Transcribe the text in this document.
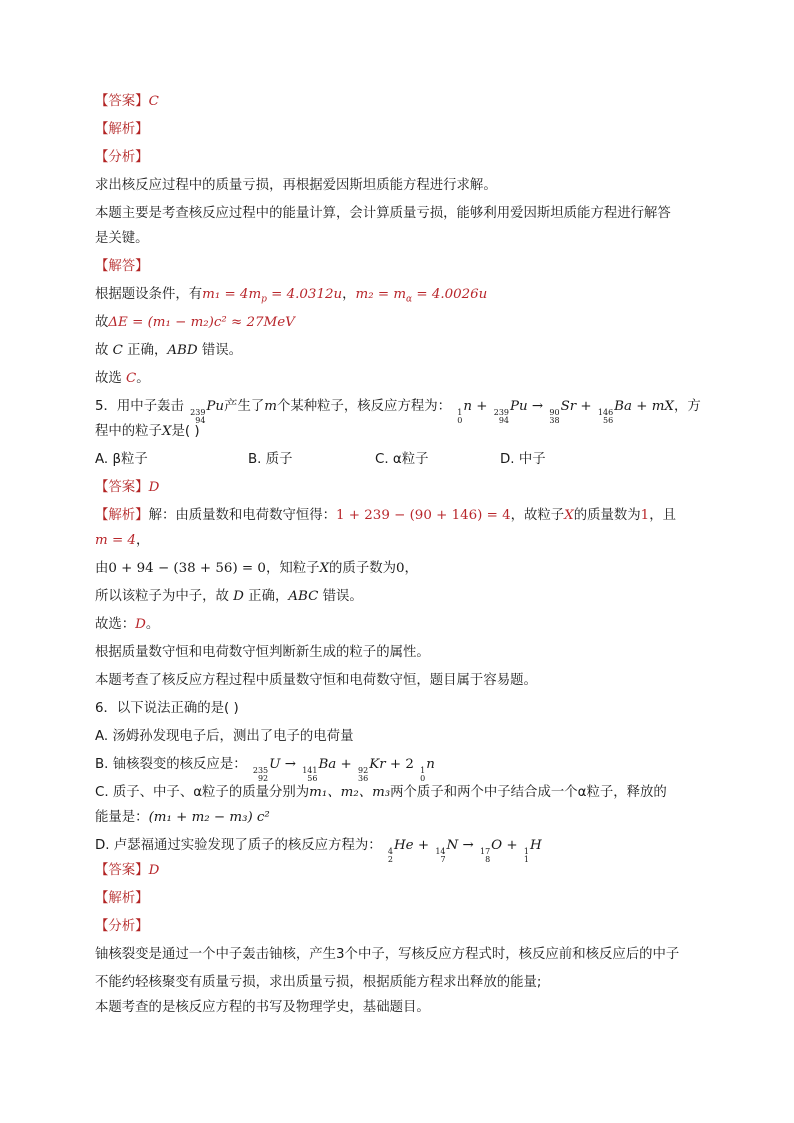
【答案】C
【解析】
【分析】
求出核反应过程中的质量亏损，再根据爱因斯坦质能方程进行求解。
本题主要是考查核反应过程中的能量计算，会计算质量亏损，能够利用爱因斯坦质能方程进行解答
是关键。
【解答】
根据题设条件，有$m_1 = 4m_p = 4.0312u$，$m_2 = m_\alpha = 4.0026u$
故ΔE = (m₁ − m₂)c² ≈ 27MeV
故 C 正确，ABD 错误。
故选 C。
5．用中子轰击 239
94
Pu产生了m个某种粒子，核反应方程为： 1
0
n + 239
94
Pu → 90
38
Sr + 146
56
Ba + mX，方
程中的粒子X是( )
A. β粒子	B. 质子	C. α粒子	D. 中子
【答案】D
【解析】解：由质量数和电荷数守恒得：1 + 239 − (90 + 146) = 4，故粒子X的质量数为1，且
m = 4，
由0 + 94 − (38 + 56) = 0，知粒子X的质子数为0，
所以该粒子为中子，故 D 正确，ABC 错误。
故选：D。
根据质量数守恒和电荷数守恒判断新生成的粒子的属性。
本题考查了核反应方程过程中质量数守恒和电荷数守恒，题目属于容易题。
6．以下说法正确的是( )
A. 汤姆孙发现电子后，测出了电子的电荷量
B. 铀核裂变的核反应是： 235
92
U → 141
56
Ba + 92
36
Kr + 2 1
0
n
C. 质子、中子、α粒子的质量分别为m₁、m₂、m₃两个质子和两个中子结合成一个α粒子，释放的
能量是：(m₁ + m₂ − m₃) c²
D. 卢瑟福通过实验发现了质子的核反应方程为： 4
2
He + 14
7
N → 17
8
O + 1
1
H
【答案】D
【解析】
【分析】
铀核裂变是通过一个中子轰击铀核，产生3个中子，写核反应方程式时，核反应前和核反应后的中子
不能约轻核聚变有质量亏损，求出质量亏损，根据质能方程求出释放的能量;
本题考查的是核反应方程的书写及物理学史，基础题目。
